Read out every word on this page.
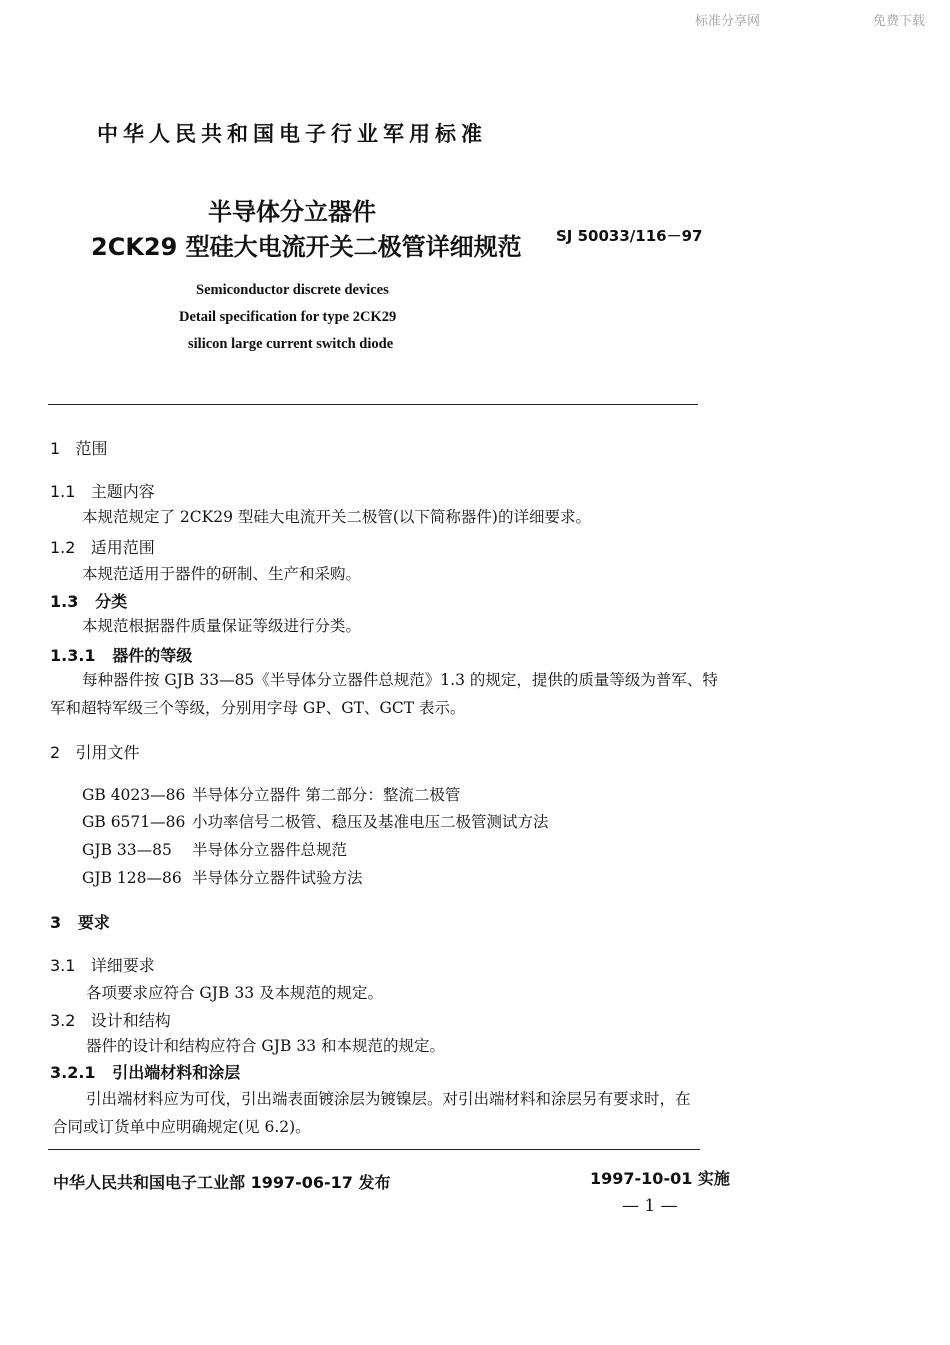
标准分享网	免费下载
中华人民共和国电子行业军用标准
半导体分立器件
2CK29 型硅大电流开关二极管详细规范 SJ 50033/116－97
Semiconductor discrete devices
Detail specification for type 2CK29
silicon large current switch diode
1 范围
1.1 主题内容
本规范规定了 2CK29 型硅大电流开关二极管(以下简称器件)的详细要求。
1.2 适用范围
本规范适用于器件的研制、生产和采购。
1.3 分类
本规范根据器件质量保证等级进行分类。
1.3.1 器件的等级
每种器件按 GJB 33—85《半导体分立器件总规范》1.3 的规定，提供的质量等级为普军、特
军和超特军级三个等级，分别用字母 GP、GT、GCT 表示。
2 引用文件
GB 4023—86 半导体分立器件 第二部分：整流二极管
GB 6571—86 小功率信号二极管、稳压及基准电压二极管测试方法
GJB 33—85 半导体分立器件总规范
GJB 128—86 半导体分立器件试验方法
3 要求
3.1 详细要求
各项要求应符合 GJB 33 及本规范的规定。
3.2 设计和结构
器件的设计和结构应符合 GJB 33 和本规范的规定。
3.2.1 引出端材料和涂层
引出端材料应为可伐，引出端表面镀涂层为镀镍层。对引出端材料和涂层另有要求时，在
合同或订货单中应明确规定(见 6.2)。
中华人民共和国电子工业部 1997-06-17 发布	1997-10-01 实施
— 1 —
